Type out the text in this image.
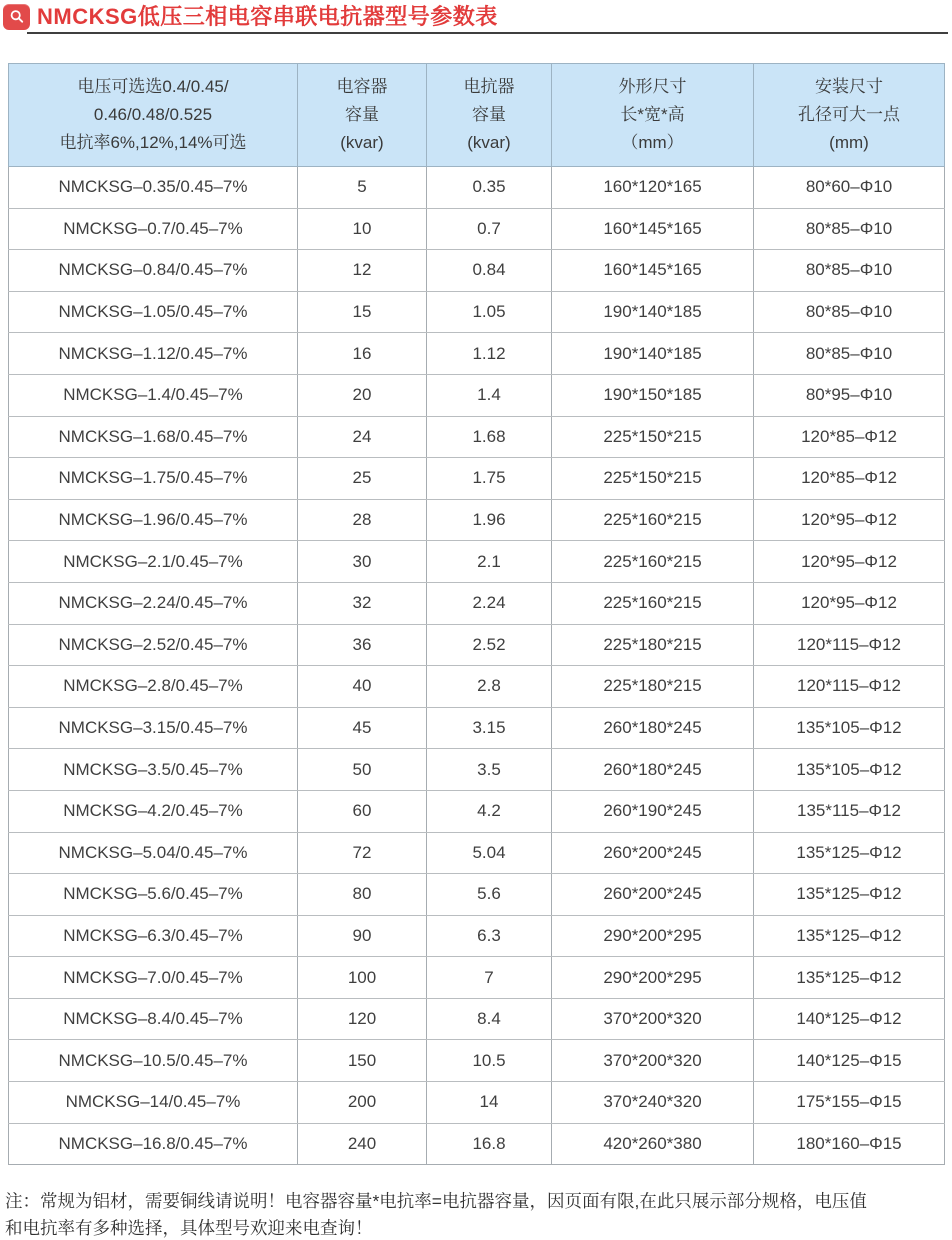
NMCKSG低压三相电容串联电抗器型号参数表
电压可选选0.4/0.45/
0.46/0.48/0.525
电抗率6%,12%,14%可选

电容器
容量
(kvar)

电抗器
容量
(kvar)

外形尺寸
长*宽*高
（mm）

安装尺寸
孔径可大一点
(mm)

NMCKSG–0.35/0.45–7%	5	0.35	160*120*165	80*60–Φ10
NMCKSG–0.7/0.45–7%	10	0.7	160*145*165	80*85–Φ10
NMCKSG–0.84/0.45–7%	12	0.84	160*145*165	80*85–Φ10
NMCKSG–1.05/0.45–7%	15	1.05	190*140*185	80*85–Φ10
NMCKSG–1.12/0.45–7%	16	1.12	190*140*185	80*85–Φ10
NMCKSG–1.4/0.45–7%	20	1.4	190*150*185	80*95–Φ10
NMCKSG–1.68/0.45–7%	24	1.68	225*150*215	120*85–Φ12
NMCKSG–1.75/0.45–7%	25	1.75	225*150*215	120*85–Φ12
NMCKSG–1.96/0.45–7%	28	1.96	225*160*215	120*95–Φ12
NMCKSG–2.1/0.45–7%	30	2.1	225*160*215	120*95–Φ12
NMCKSG–2.24/0.45–7%	32	2.24	225*160*215	120*95–Φ12
NMCKSG–2.52/0.45–7%	36	2.52	225*180*215	120*115–Φ12
NMCKSG–2.8/0.45–7%	40	2.8	225*180*215	120*115–Φ12
NMCKSG–3.15/0.45–7%	45	3.15	260*180*245	135*105–Φ12
NMCKSG–3.5/0.45–7%	50	3.5	260*180*245	135*105–Φ12
NMCKSG–4.2/0.45–7%	60	4.2	260*190*245	135*115–Φ12
NMCKSG–5.04/0.45–7%	72	5.04	260*200*245	135*125–Φ12
NMCKSG–5.6/0.45–7%	80	5.6	260*200*245	135*125–Φ12
NMCKSG–6.3/0.45–7%	90	6.3	290*200*295	135*125–Φ12
NMCKSG–7.0/0.45–7%	100	7	290*200*295	135*125–Φ12
NMCKSG–8.4/0.45–7%	120	8.4	370*200*320	140*125–Φ12
NMCKSG–10.5/0.45–7%	150	10.5	370*200*320	140*125–Φ15
NMCKSG–14/0.45–7%	200	14	370*240*320	175*155–Φ15
NMCKSG–16.8/0.45–7%	240	16.8	420*260*380	180*160–Φ15

注：常规为铝材，需要铜线请说明！电容器容量*电抗率=电抗器容量，因页面有限,在此只展示部分规格，电压值
和电抗率有多种选择，具体型号欢迎来电查询！
